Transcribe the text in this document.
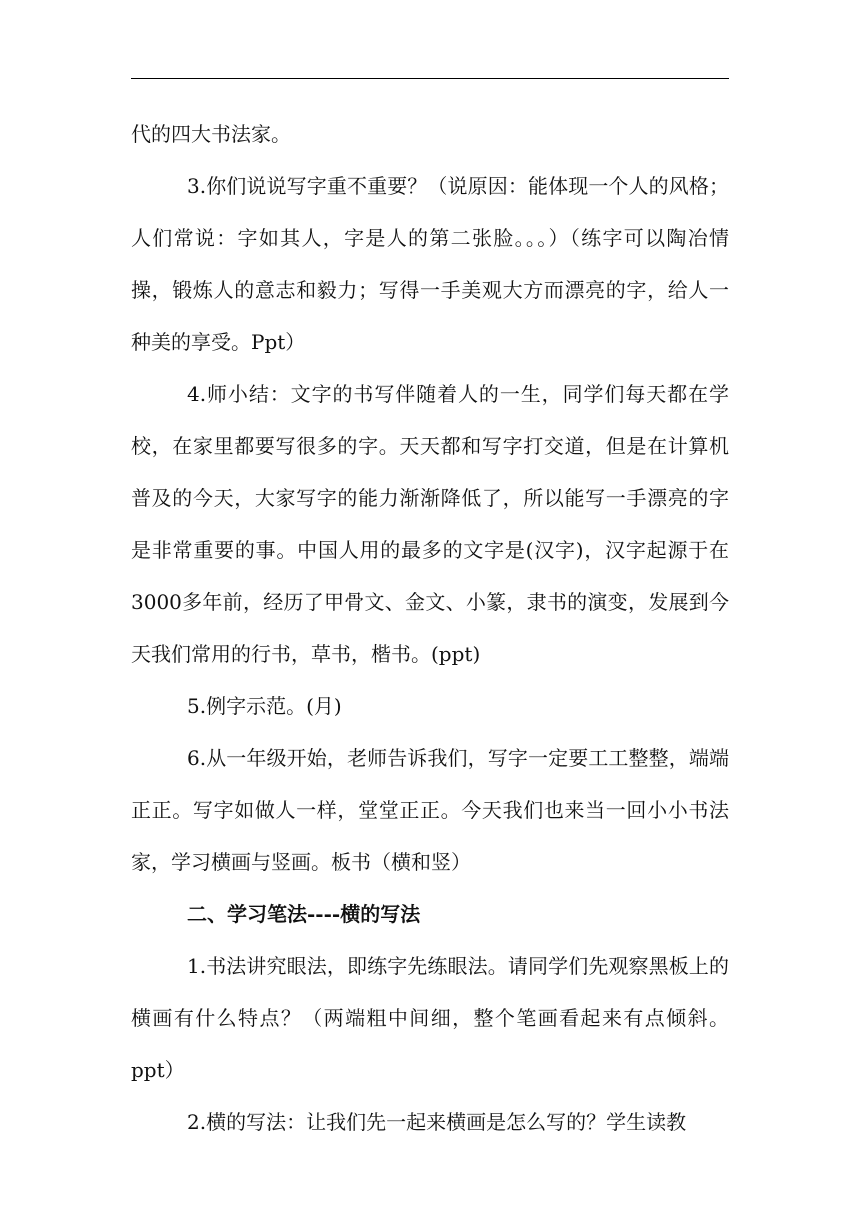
代的四大书法家。

3.你们说说写字重不重要？（说原因：能体现一个人的风格；人们常说：字如其人，字是人的第二张脸。。。）（练字可以陶冶情操，锻炼人的意志和毅力；写得一手美观大方而漂亮的字，给人一种美的享受。Ppt）

4.师小结：文字的书写伴随着人的一生，同学们每天都在学校，在家里都要写很多的字。天天都和写字打交道，但是在计算机普及的今天，大家写字的能力渐渐降低了，所以能写一手漂亮的字是非常重要的事。中国人用的最多的文字是(汉字)，汉字起源于在3000多年前，经历了甲骨文、金文、小篆，隶书的演变，发展到今天我们常用的行书，草书，楷书。(ppt)

5.例字示范。(月)

6.从一年级开始，老师告诉我们，写字一定要工工整整，端端正正。写字如做人一样，堂堂正正。今天我们也来当一回小小书法家，学习横画与竖画。板书（横和竖）

二、学习笔法----横的写法

1.书法讲究眼法，即练字先练眼法。请同学们先观察黑板上的横画有什么特点？（两端粗中间细，整个笔画看起来有点倾斜。ppt）

2.横的写法：让我们先一起来横画是怎么写的？学生读教
